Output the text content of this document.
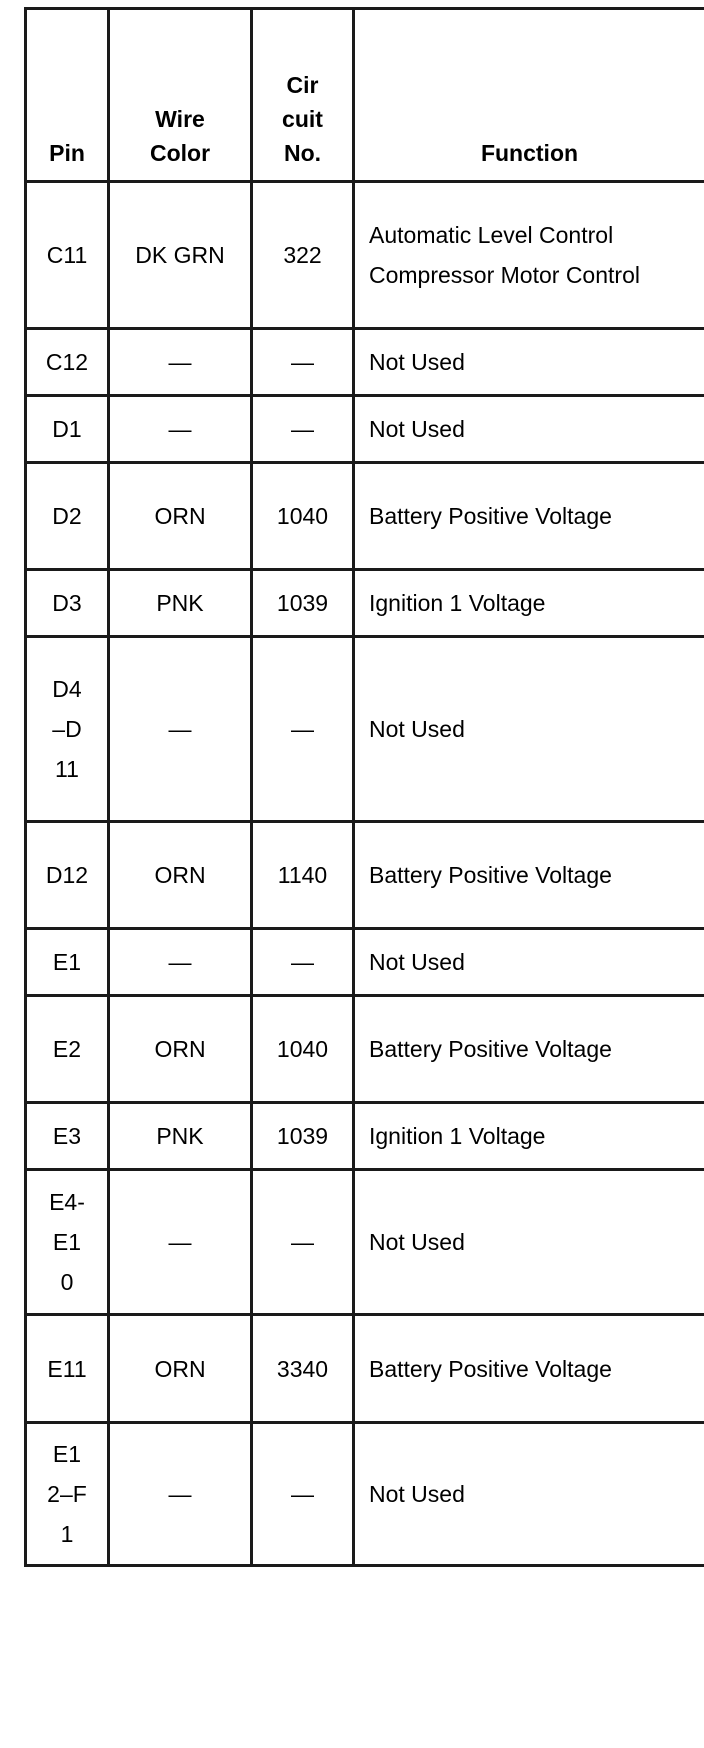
Pin	Wire Color	Cir cuit No.	Function
C11	DK GRN	322	Automatic Level Control Compressor Motor Control
C12	—	—	Not Used
D1	—	—	Not Used
D2	ORN	1040	Battery Positive Voltage
D3	PNK	1039	Ignition 1 Voltage
D4 –D 11	—	—	Not Used
D12	ORN	1140	Battery Positive Voltage
E1	—	—	Not Used
E2	ORN	1040	Battery Positive Voltage
E3	PNK	1039	Ignition 1 Voltage
E4- E10	—	—	Not Used
E11	ORN	3340	Battery Positive Voltage
E1 2–F1	—	—	Not Used
